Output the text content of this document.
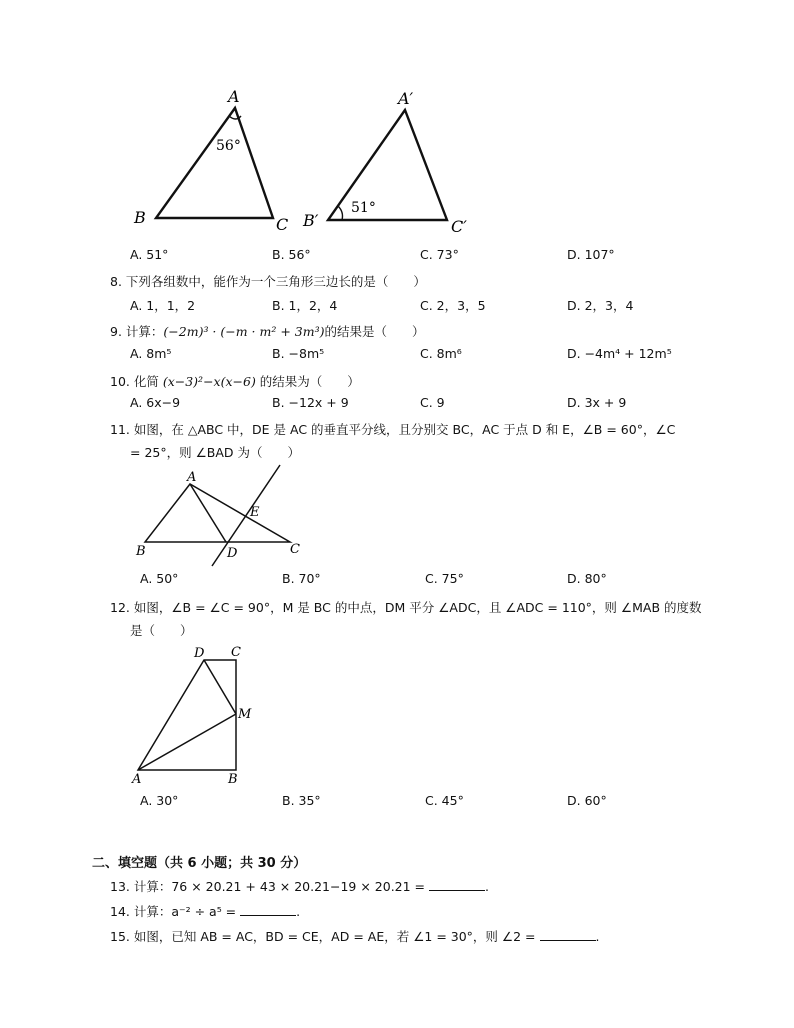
A
B	C
56°
A′
B′	C′
51°
A. 51°	B. 56°	C. 73°	D. 107°
8. 下列各组数中，能作为一个三角形三边长的是（　　）
A. 1，1，2	B. 1，2，4	C. 2，3，5	D. 2，3，4
9. 计算：(−2m)³ · (−m · m² + 3m³)的结果是（　　）
A. 8m⁵	B. −8m⁵	C. 8m⁶	D. −4m⁴ + 12m⁵
10. 化简 (x−3)²−x(x−6) 的结果为（　　）
A. 6x−9	B. −12x + 9	C. 9	D. 3x + 9
11. 如图，在 △ABC 中，DE 是 AC 的垂直平分线，且分别交 BC，AC 于点 D 和 E，∠B = 60°，∠C
= 25°，则 ∠BAD 为（　　）
A
E
B	D	C
A. 50°	B. 70°	C. 75°	D. 80°
12. 如图，∠B = ∠C = 90°，M 是 BC 的中点，DM 平分 ∠ADC，且 ∠ADC = 110°，则 ∠MAB 的度数
是（　　）
D C
M
A	B
A. 30°	B. 35°	C. 45°	D. 60°
二、填空题（共 6 小题；共 30 分）
13. 计算：76 × 20.21 + 43 × 20.21−19 × 20.21 =	.
14. 计算：a⁻² ÷ a⁵ =	.
15. 如图，已知 AB = AC，BD = CE，AD = AE，若 ∠1 = 30°，则 ∠2 =	.
